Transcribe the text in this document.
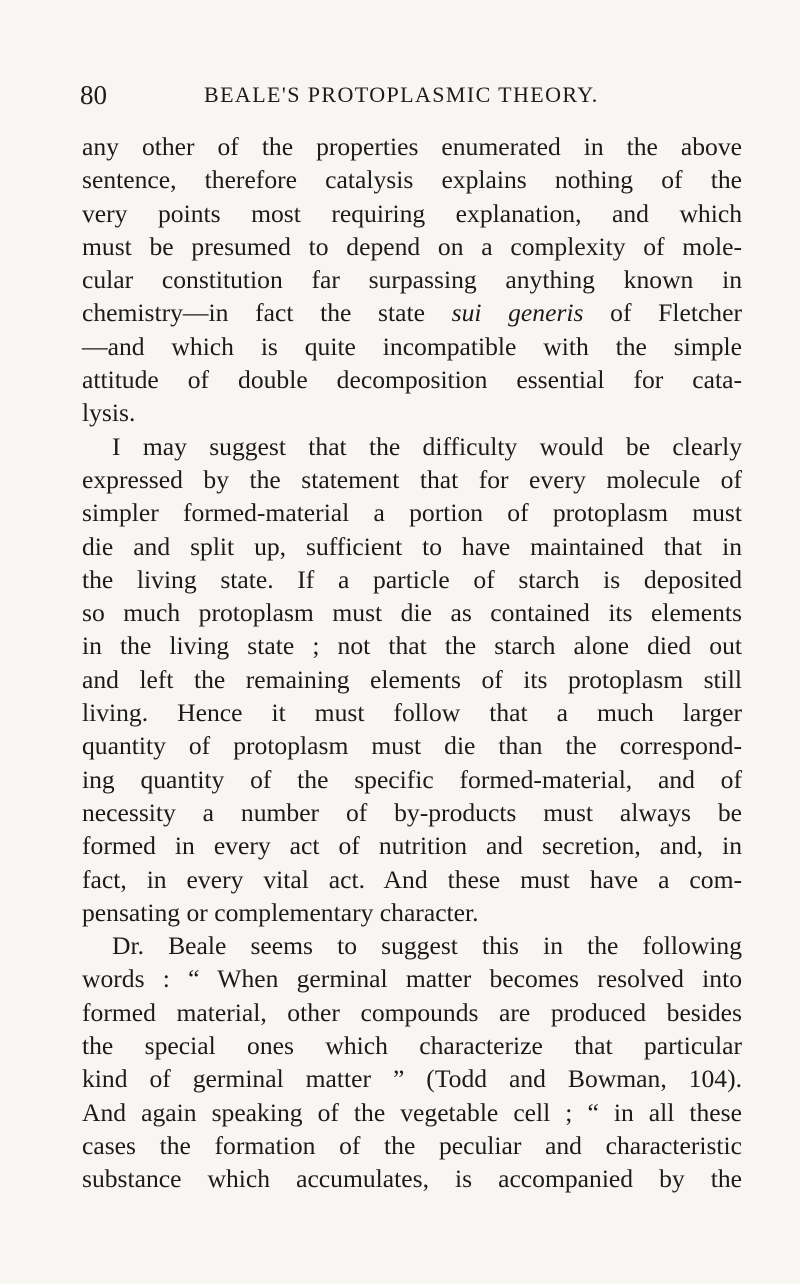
80	BEALE'S PROTOPLASMIC THEORY.
any other of the properties enumerated in the above
sentence, therefore catalysis explains nothing of the
very points most requiring explanation, and which
must be presumed to depend on a complexity of mole-
cular constitution far surpassing anything known in
chemistry—in fact the state sui generis of Fletcher
—and which is quite incompatible with the simple
attitude of double decomposition essential for cata-
lysis.
I may suggest that the difficulty would be clearly
expressed by the statement that for every molecule of
simpler formed-material a portion of protoplasm must
die and split up, sufficient to have maintained that in
the living state. If a particle of starch is deposited
so much protoplasm must die as contained its elements
in the living state ; not that the starch alone died out
and left the remaining elements of its protoplasm still
living. Hence it must follow that a much larger
quantity of protoplasm must die than the correspond-
ing quantity of the specific formed-material, and of
necessity a number of by-products must always be
formed in every act of nutrition and secretion, and, in
fact, in every vital act. And these must have a com-
pensating or complementary character.
Dr. Beale seems to suggest this in the following
words : “ When germinal matter becomes resolved into
formed material, other compounds are produced besides
the special ones which characterize that particular
kind of germinal matter ” (Todd and Bowman, 104).
And again speaking of the vegetable cell ; “ in all these
cases the formation of the peculiar and characteristic
substance which accumulates, is accompanied by the
